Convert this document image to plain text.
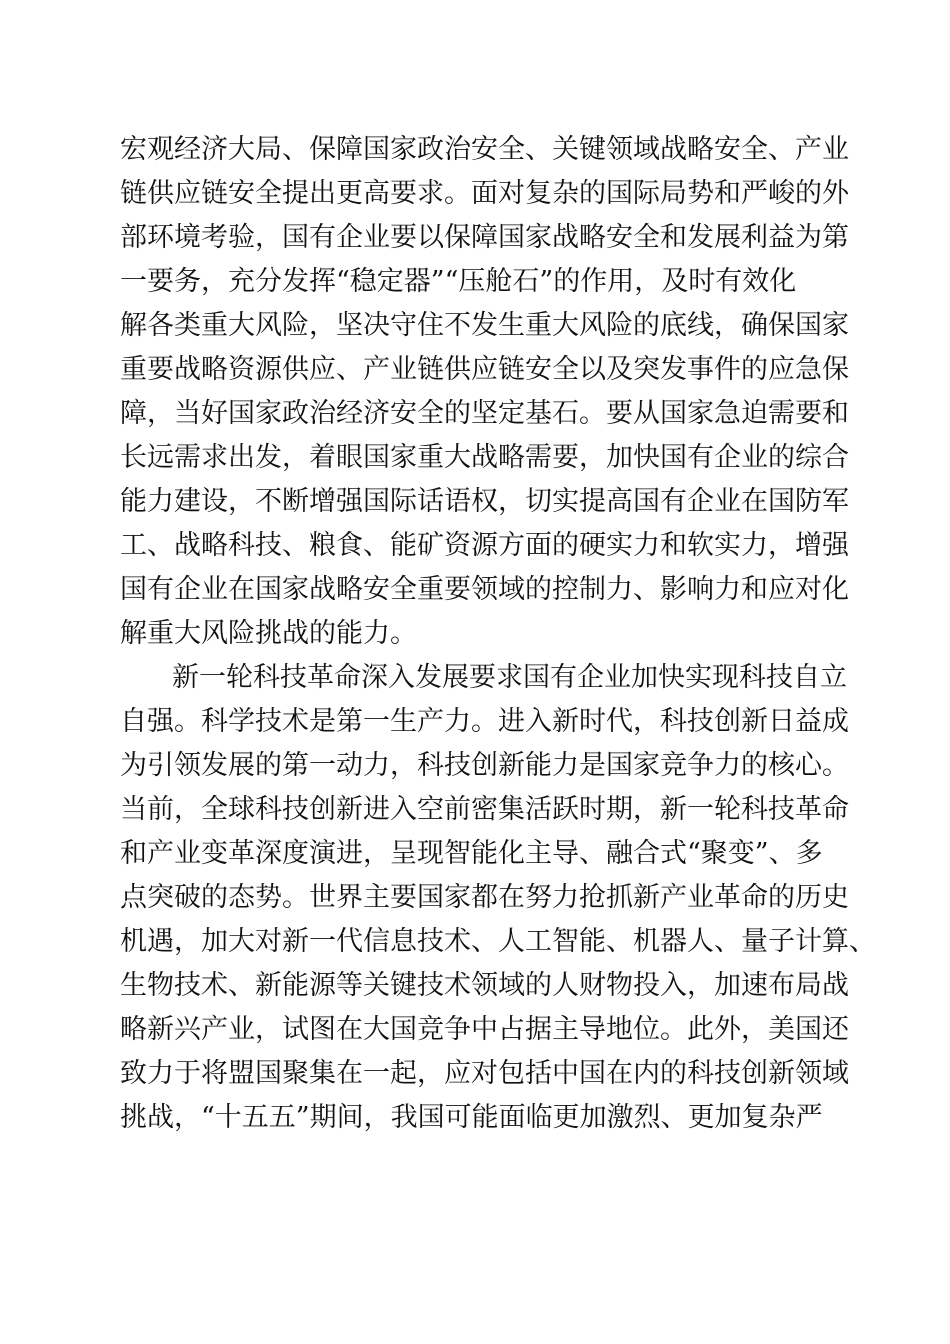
宏观经济大局、保障国家政治安全、关键领域战略安全、产业
链供应链安全提出更高要求。面对复杂的国际局势和严峻的外
部环境考验，国有企业要以保障国家战略安全和发展利益为第
一要务，充分发挥“稳定器”“压舱石”的作用，及时有效化
解各类重大风险，坚决守住不发生重大风险的底线，确保国家
重要战略资源供应、产业链供应链安全以及突发事件的应急保
障，当好国家政治经济安全的坚定基石。要从国家急迫需要和
长远需求出发，着眼国家重大战略需要，加快国有企业的综合
能力建设，不断增强国际话语权，切实提高国有企业在国防军
工、战略科技、粮食、能矿资源方面的硬实力和软实力，增强
国有企业在国家战略安全重要领域的控制力、影响力和应对化
解重大风险挑战的能力。
新一轮科技革命深入发展要求国有企业加快实现科技自立
自强。科学技术是第一生产力。进入新时代，科技创新日益成
为引领发展的第一动力，科技创新能力是国家竞争力的核心。
当前，全球科技创新进入空前密集活跃时期，新一轮科技革命
和产业变革深度演进，呈现智能化主导、融合式“聚变”、多
点突破的态势。世界主要国家都在努力抢抓新产业革命的历史
机遇，加大对新一代信息技术、人工智能、机器人、量子计算、
生物技术、新能源等关键技术领域的人财物投入，加速布局战
略新兴产业，试图在大国竞争中占据主导地位。此外，美国还
致力于将盟国聚集在一起，应对包括中国在内的科技创新领域
挑战，“十五五”期间，我国可能面临更加激烈、更加复杂严
